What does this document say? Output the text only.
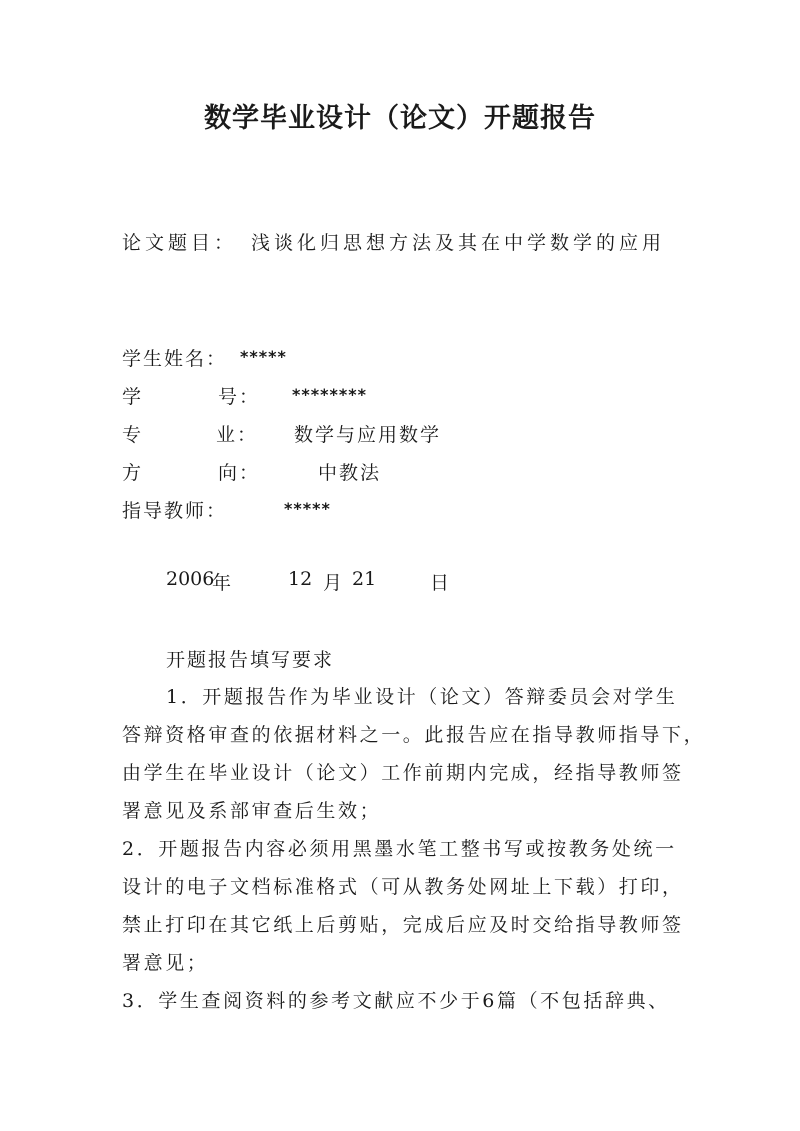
数学毕业设计（论文）开题报告
论文题目： 浅谈化归思想方法及其在中学数学的应用
学生姓名： *****
学	号： ********
专	业： 数学与应用数学
方	向：	中教法
指导教师：	*****
2006
年	12 月 21	日
开题报告填写要求
1．开题报告作为毕业设计（论文）答辩委员会对学生
答辩资格审查的依据材料之一。此报告应在指导教师指导下，
由学生在毕业设计（论文）工作前期内完成，经指导教师签
署意见及系部审查后生效；
2．开题报告内容必须用黑墨水笔工整书写或按教务处统一
设计的电子文档标准格式（可从教务处网址上下载）打印，
禁止打印在其它纸上后剪贴，完成后应及时交给指导教师签
署意见；
3．学生查阅资料的参考文献应不少于6篇（不包括辞典、
